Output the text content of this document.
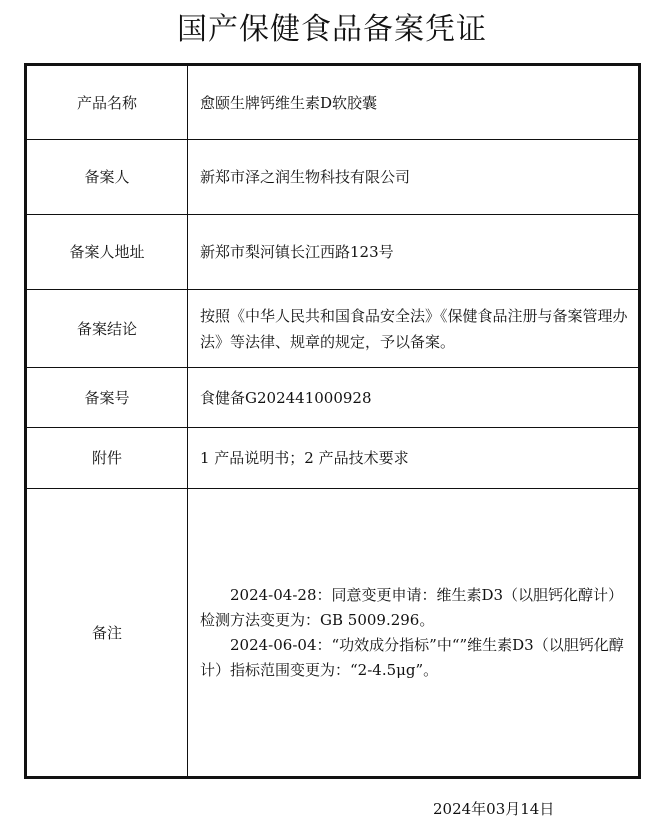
国产保健食品备案凭证
产品名称	愈颐生牌钙维生素D软胶囊
备案人	新郑市泽之润生物科技有限公司
备案人地址	新郑市梨河镇长江西路123号
备案结论	按照《中华人民共和国食品安全法》《保健食品注册与备案管理办法》等法律、规章的规定，予以备案。
备案号	食健备G202441000928
附件	1 产品说明书；2 产品技术要求
备注	2024-04-28：同意变更申请：维生素D3（以胆钙化醇计）检测方法变更为：GB 5009.296。
2024-06-04：“功效成分指标”中“”维生素D3（以胆钙化醇计）指标范围变更为：“2-4.5μg”。
2024年03月14日
